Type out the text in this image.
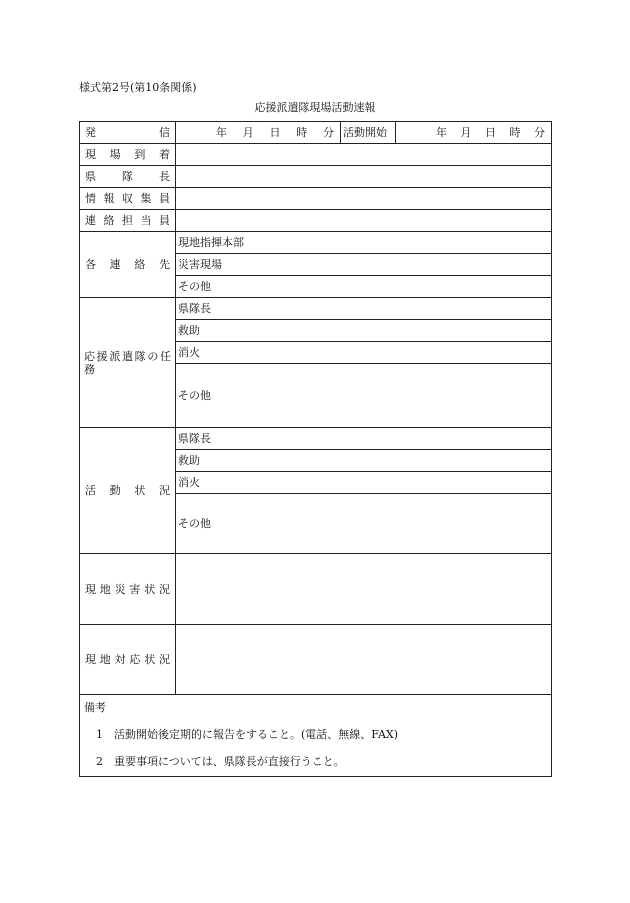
様式第2号(第10条関係)
応援派遣隊現場活動速報
発　　信	年 月 日 時 分	活動開始	年 月 日 時 分

現場到着			
県　隊　長			
情報収集員			
連絡担当員			
各連絡先	現地指揮本部		
	災害現場		
	その他		
応援派遣隊の任務	県隊長		
	救助		
	消火		
	その他		
活動状況	県隊長		
	救助		
	消火		
	その他		
現地災害状況			
現地対応状況			

備考
1　活動開始後定期的に報告をすること。(電話、無線、FAX)
2　重要事項については、県隊長が直接行うこと。			
